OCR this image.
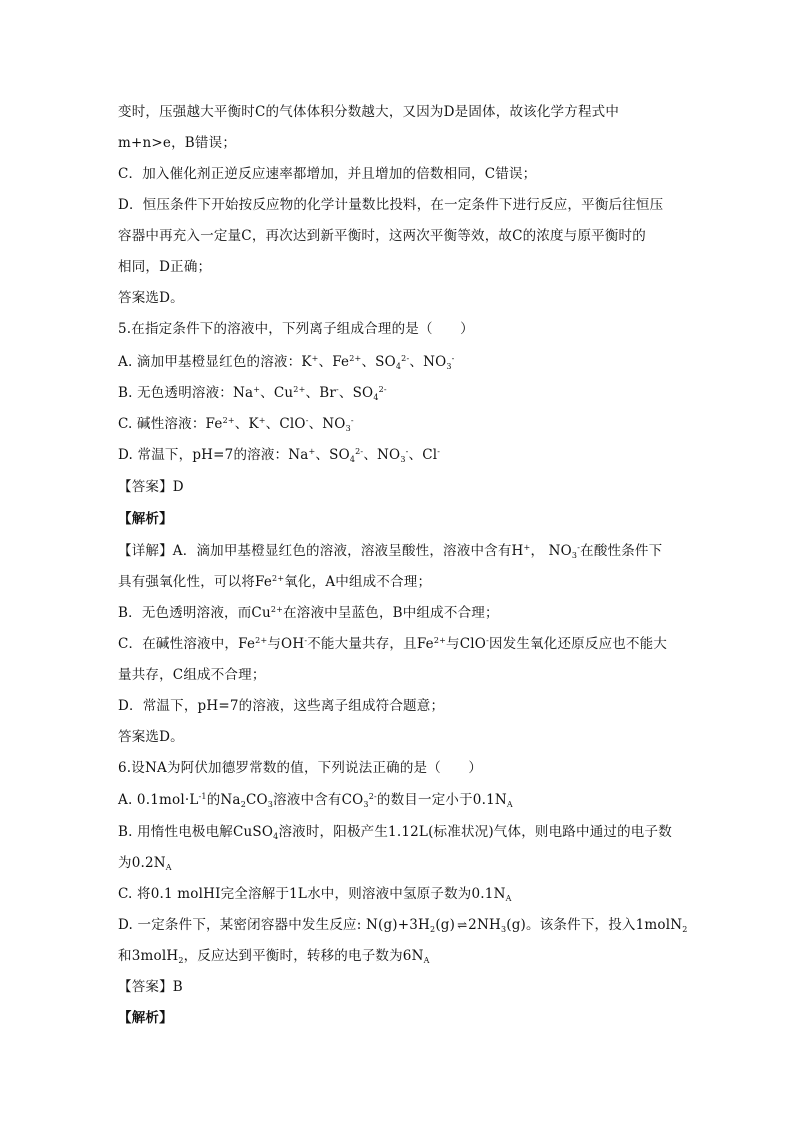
变时，压强越大平衡时C的气体体积分数越大，又因为D是固体，故该化学方程式中
m+n>e，B错误；
C．加入催化剂正逆反应速率都增加，并且增加的倍数相同，C错误；
D．恒压条件下开始按反应物的化学计量数比投料，在一定条件下进行反应，平衡后往恒压
容器中再充入一定量C，再次达到新平衡时，这两次平衡等效，故C的浓度与原平衡时的
相同，D正确；
答案选D。
5.在指定条件下的溶液中，下列离子组成合理的是（　　）
A. 滴加甲基橙显红色的溶液：K+、$Fe^{2+}$、$SO_4^{2-}$、$NO_3^-$
B. 无色透明溶液：Na+、$Cu^{2+}$、Br-、$SO_4^{2-}$
C. 碱性溶液：$Fe^{2+}$、K+、ClO-、$NO_3^-$
D. 常温下，pH=7的溶液：Na+、$SO_4^{2-}$、$NO_3^-$、Cl-
【答案】D
【解析】
【详解】A．滴加甲基橙显红色的溶液，溶液呈酸性，溶液中含有H+， $NO_3^-$在酸性条件下
具有强氧化性，可以将$Fe^{2+}$氧化，A中组成不合理；
B．无色透明溶液，而$Cu^{2+}$在溶液中呈蓝色，B中组成不合理；
C．在碱性溶液中，$Fe^{2+}$与OH-不能大量共存，且$Fe^{2+}$与ClO-因发生氧化还原反应也不能大
量共存，C组成不合理；
D．常温下，pH=7的溶液，这些离子组成符合题意；
答案选D。
6.设NA为阿伏加德罗常数的值，下列说法正确的是（　　）
A. $0.1mol\cdot L^{-1}$的$Na_2CO_3$溶液中含有$CO_3^{2-}$的数目一定小于$0.1N_A$
B. 用惰性电极电解CuSO$_4$溶液时，阳极产生1.12L(标准状况)气体，则电路中通过的电子数
为$0.2N_A$
C. 将0.1 molHI完全溶解于1L水中，则溶液中氢原子数为$0.1N_A$
D. 一定条件下，某密闭容器中发生反应: $N(g)+3H_2(g)$ ⇌ $2NH_3(g)$。该条件下，投入1molN$_2$
和3molH$_2$，反应达到平衡时，转移的电子数为$6N_A$
【答案】B
【解析】
